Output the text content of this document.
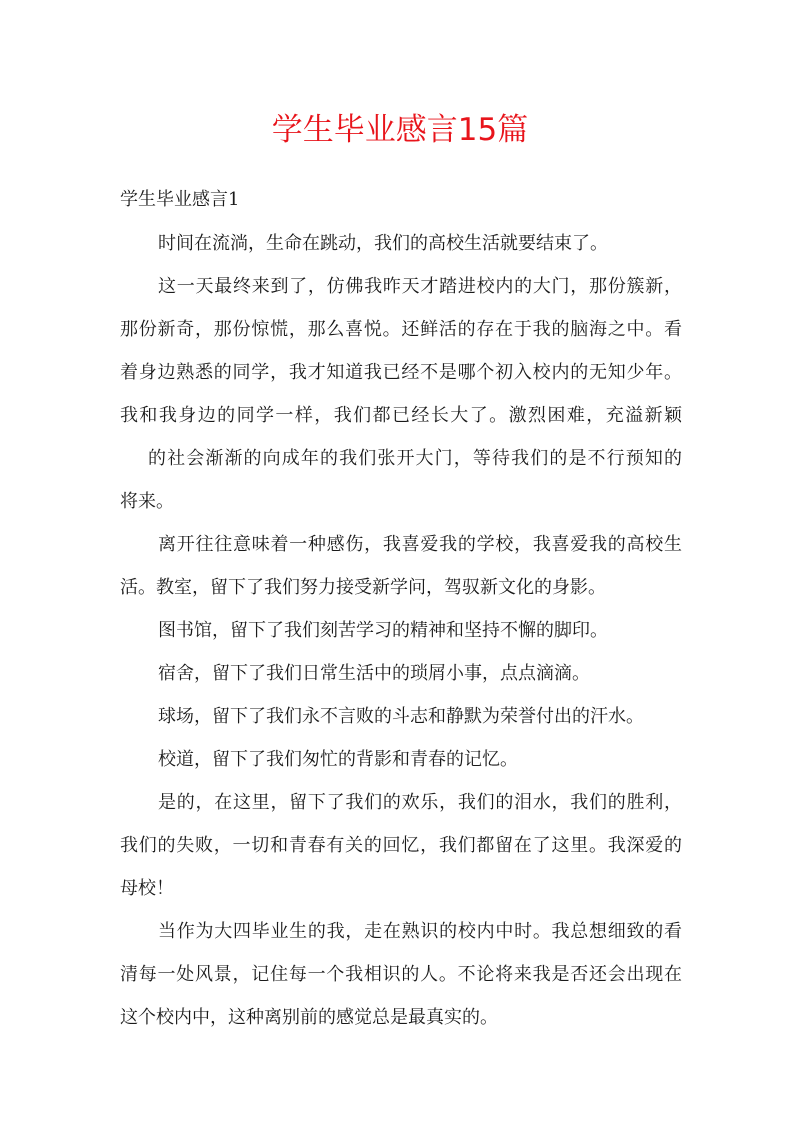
学生毕业感言15篇
学生毕业感言1
时间在流淌，生命在跳动，我们的高校生活就要结束了。
这一天最终来到了，仿佛我昨天才踏进校内的大门，那份簇新，
那份新奇，那份惊慌，那么喜悦。还鲜活的存在于我的脑海之中。看
着身边熟悉的同学，我才知道我已经不是哪个初入校内的无知少年。
我和我身边的同学一样，我们都已经长大了。激烈困难，充溢新颖
的社会渐渐的向成年的我们张开大门，等待我们的是不行预知的
将来。
离开往往意味着一种感伤，我喜爱我的学校，我喜爱我的高校生
活。教室，留下了我们努力接受新学问，驾驭新文化的身影。
图书馆，留下了我们刻苦学习的精神和坚持不懈的脚印。
宿舍，留下了我们日常生活中的琐屑小事，点点滴滴。
球场，留下了我们永不言败的斗志和静默为荣誉付出的汗水。
校道，留下了我们匆忙的背影和青春的记忆。
是的，在这里，留下了我们的欢乐，我们的泪水，我们的胜利，
我们的失败，一切和青春有关的回忆，我们都留在了这里。我深爱的
母校！
当作为大四毕业生的我，走在熟识的校内中时。我总想细致的看
清每一处风景，记住每一个我相识的人。不论将来我是否还会出现在
这个校内中，这种离别前的感觉总是最真实的。
